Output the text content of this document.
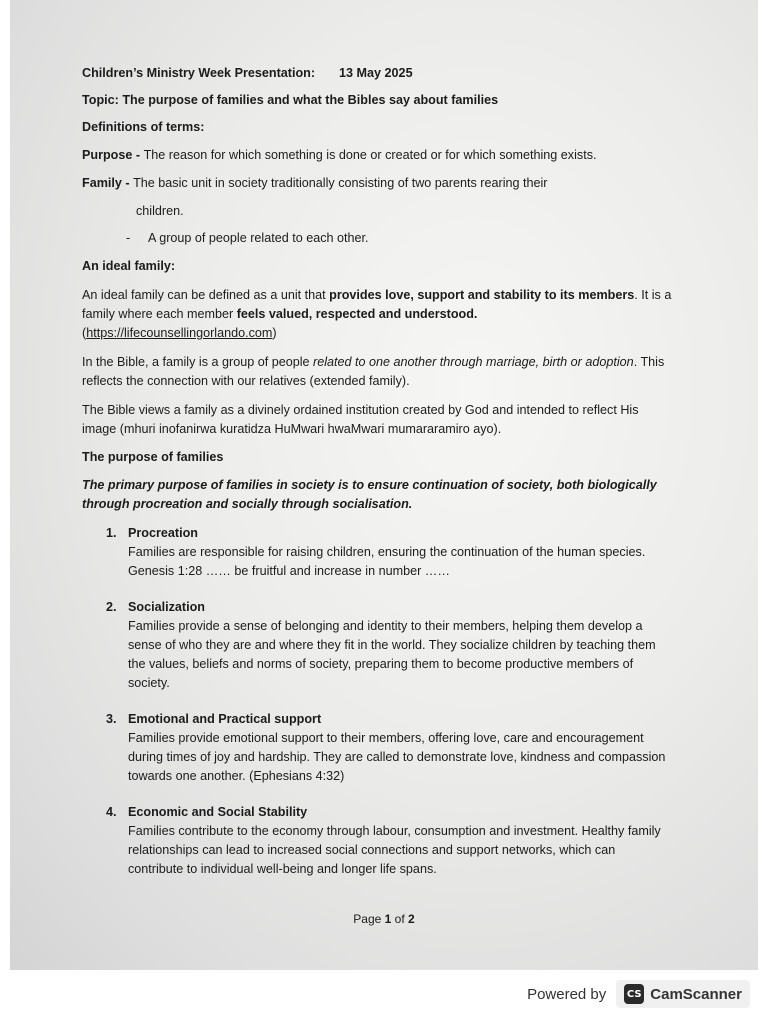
Children’s Ministry Week Presentation: 13 May 2025

Topic: The purpose of families and what the Bibles say about families

Definitions of terms:

Purpose - The reason for which something is done or created or for which something exists.

Family - The basic unit in society traditionally consisting of two parents rearing their

children.

- A group of people related to each other.

An ideal family:

An ideal family can be defined as a unit that provides love, support and stability to its members. It is a family where each member feels valued, respected and understood.
(https://lifecounsellingorlando.com)

In the Bible, a family is a group of people related to one another through marriage, birth or adoption. This reflects the connection with our relatives (extended family).

The Bible views a family as a divinely ordained institution created by God and intended to reflect His image (mhuri inofanirwa kuratidza HuMwari hwaMwari mumararamiro ayo).

The purpose of families

The primary purpose of families in society is to ensure continuation of society, both biologically through procreation and socially through socialisation.

1. Procreation
Families are responsible for raising children, ensuring the continuation of the human species. Genesis 1:28 …… be fruitful and increase in number ……
2. Socialization
Families provide a sense of belonging and identity to their members, helping them develop a sense of who they are and where they fit in the world. They socialize children by teaching them the values, beliefs and norms of society, preparing them to become productive members of society.
3. Emotional and Practical support
Families provide emotional support to their members, offering love, care and encouragement during times of joy and hardship. They are called to demonstrate love, kindness and compassion towards one another. (Ephesians 4:32)
4. Economic and Social Stability
Families contribute to the economy through labour, consumption and investment. Healthy family relationships can lead to increased social connections and support networks, which can contribute to individual well-being and longer life spans.
Page 1 of 2
Powered by CS CamScanner
